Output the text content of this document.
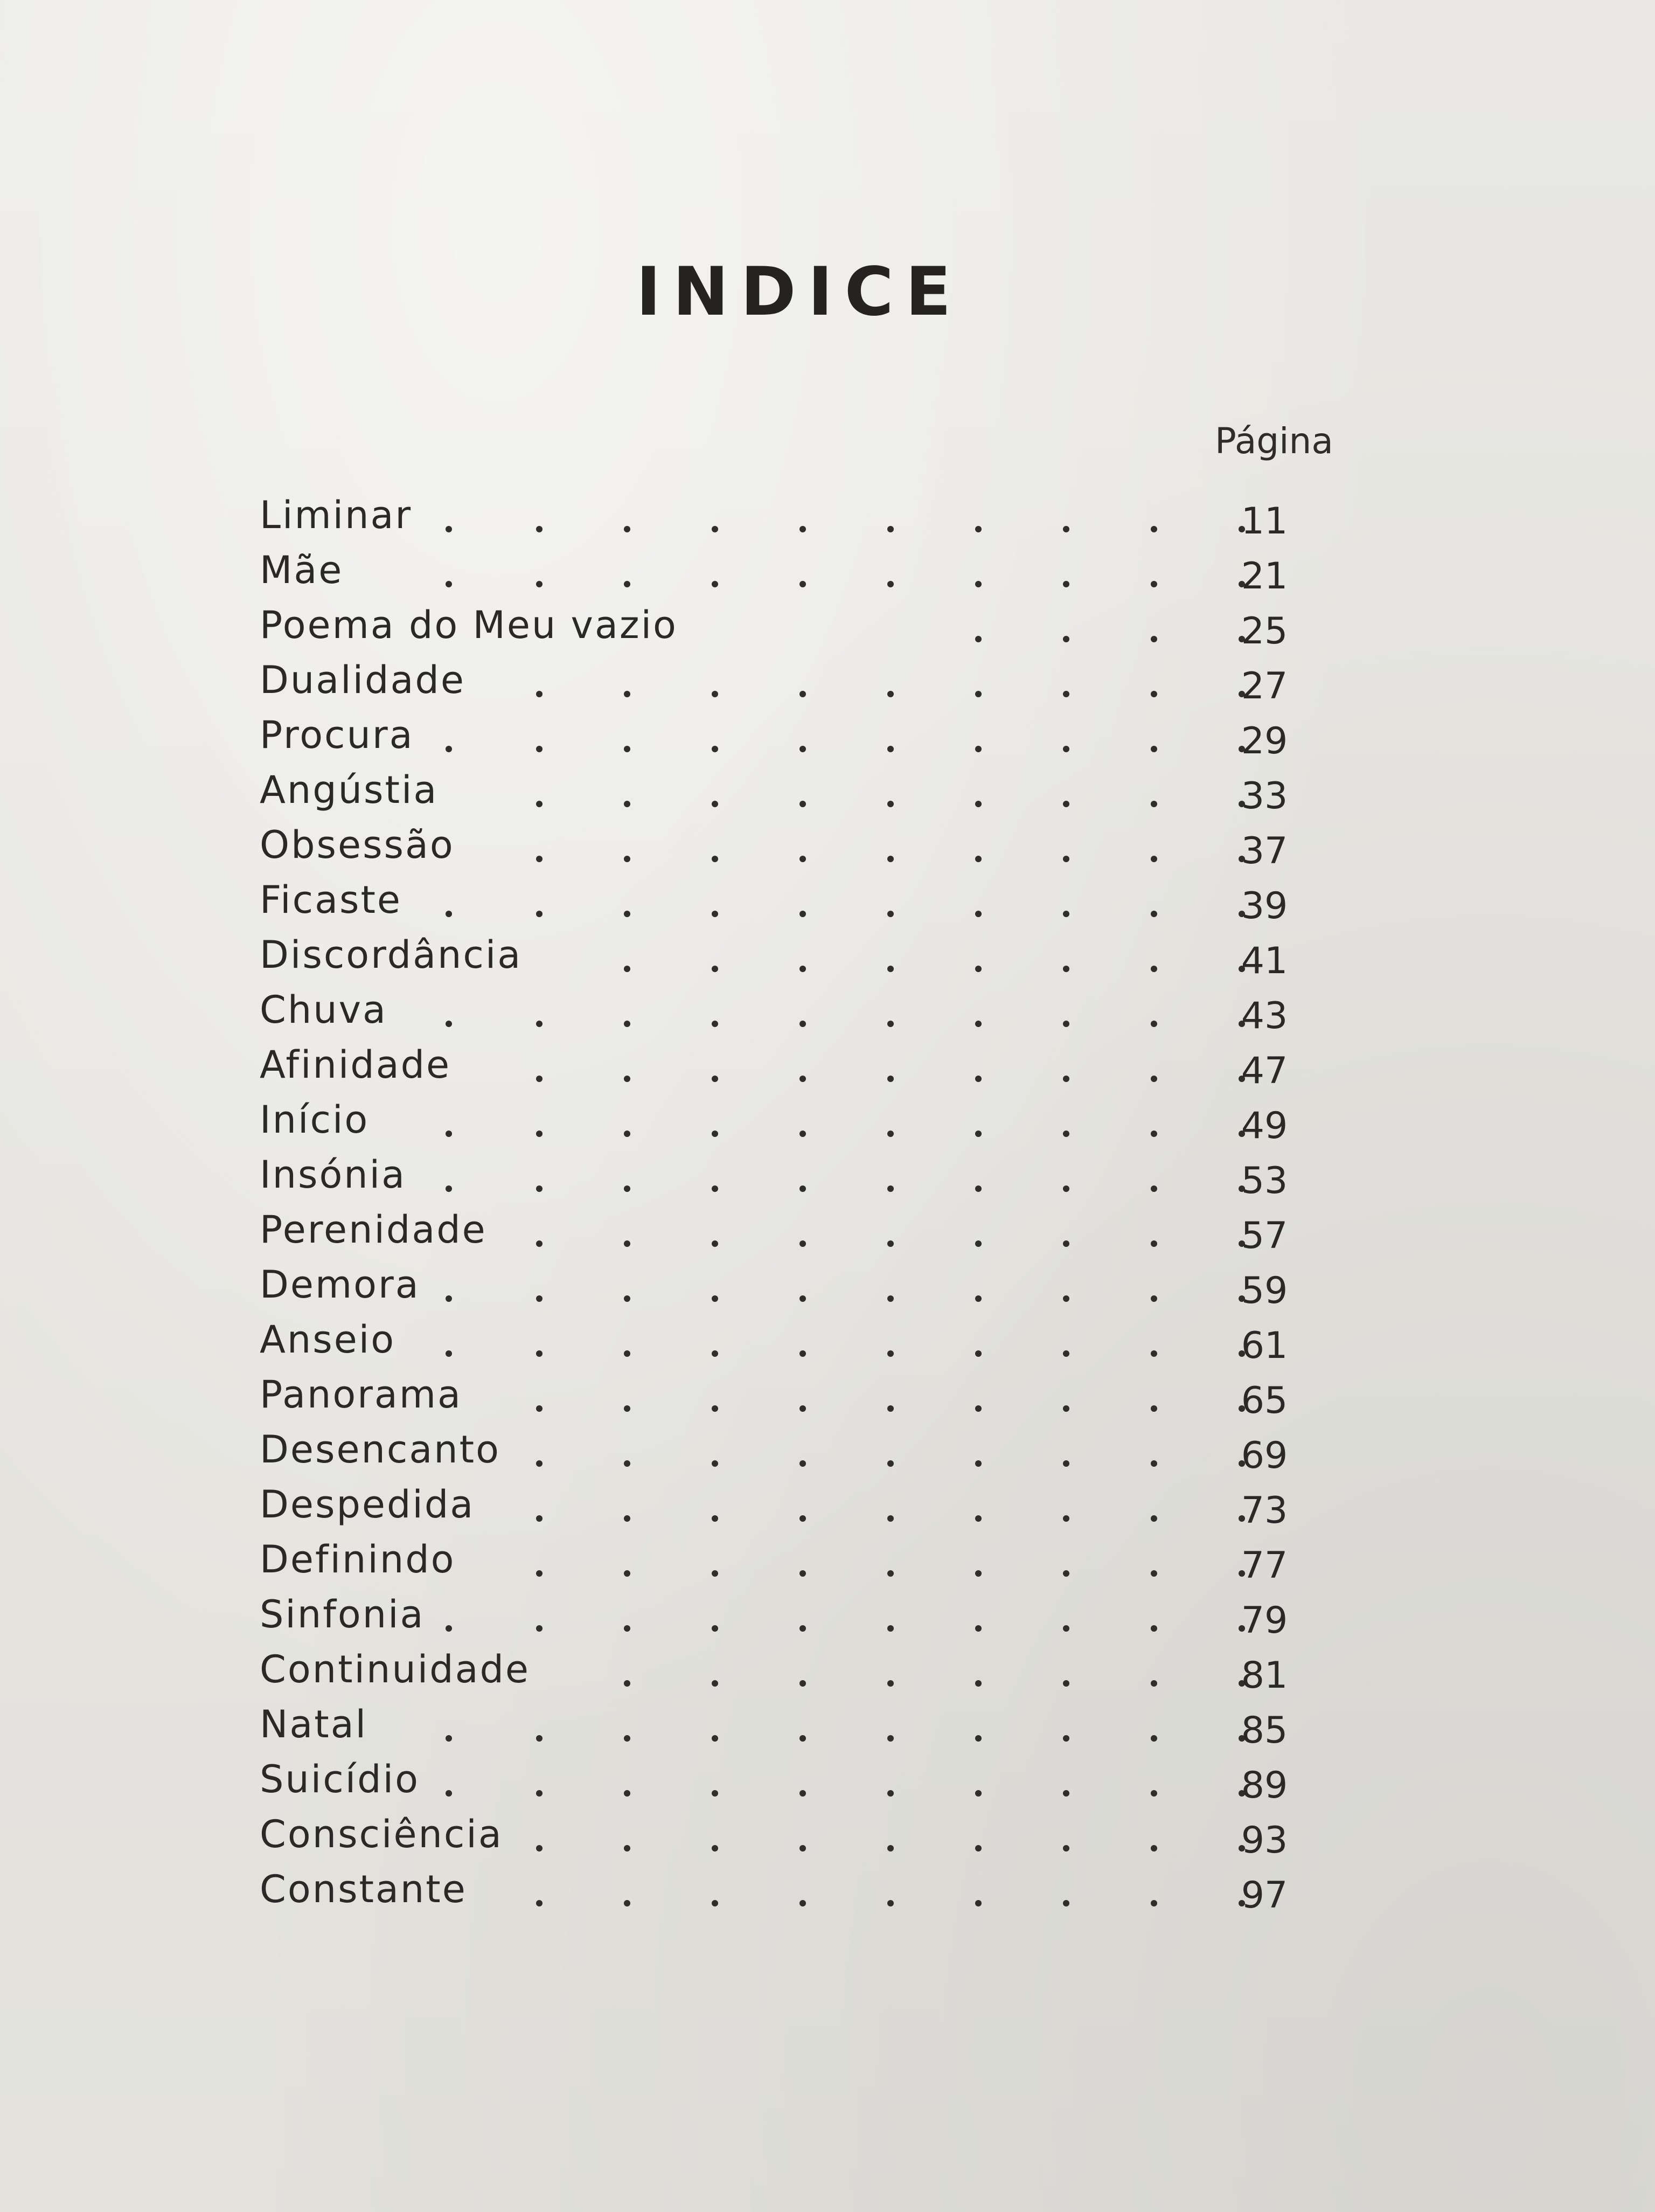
INDICE
Página
Liminar	11
Mãe	21
Poema do Meu vazio	25
Dualidade	27
Procura	29
Angústia	33
Obsessão	37
Ficaste	39
Discordância	41
Chuva	43
Afinidade	47
Início	49
Insónia	53
Perenidade	57
Demora	59
Anseio	61
Panorama	65
Desencanto	69
Despedida	73
Definindo	77
Sinfonia	79
Continuidade	81
Natal	85
Suicídio	89
Consciência	93
Constante	97
